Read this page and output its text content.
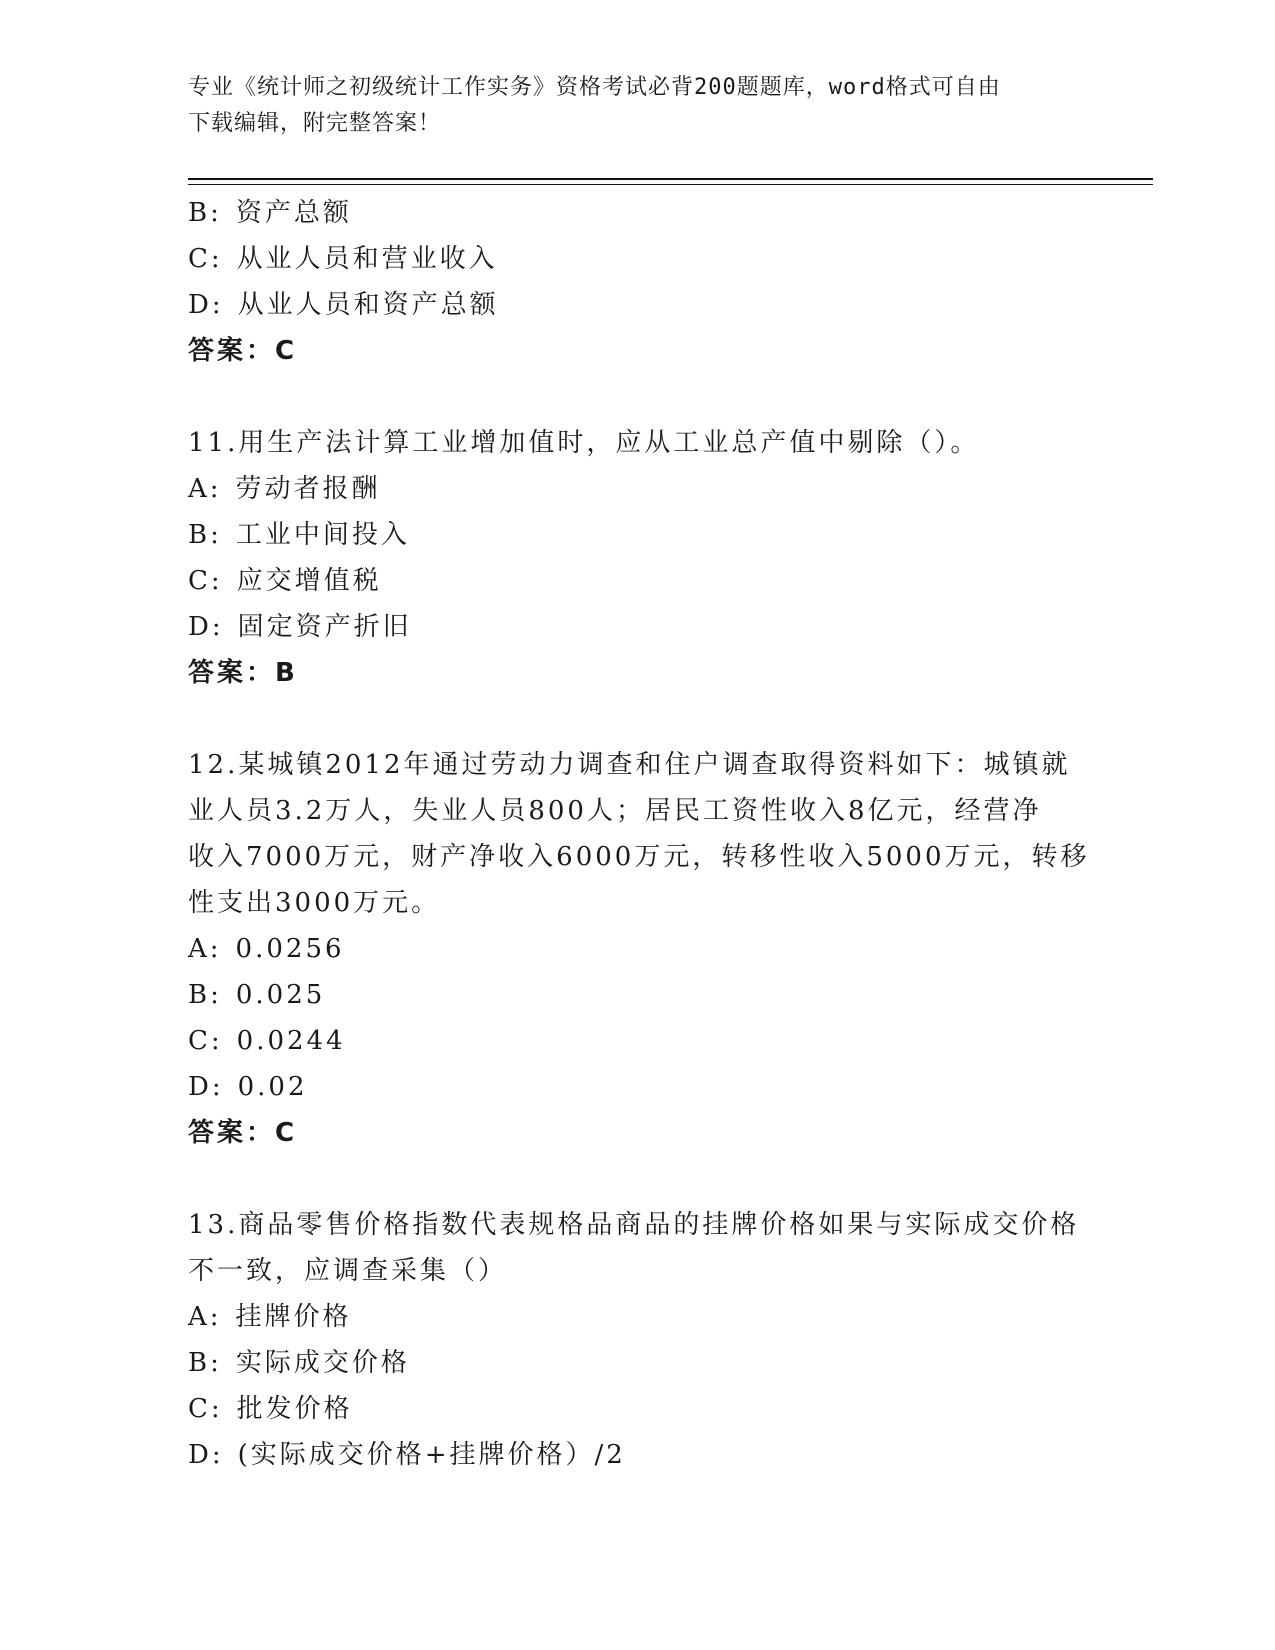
专业《统计师之初级统计工作实务》资格考试必背200题题库，word格式可自由
下载编辑，附完整答案！
B: 资产总额
C: 从业人员和营业收入
D: 从业人员和资产总额
答案：C
11.用生产法计算工业增加值时，应从工业总产值中剔除（）。
A: 劳动者报酬
B: 工业中间投入
C: 应交增值税
D: 固定资产折旧
答案：B
12.某城镇2012年通过劳动力调查和住户调查取得资料如下：城镇就
业人员3.2万人，失业人员800人；居民工资性收入8亿元，经营净
收入7000万元，财产净收入6000万元，转移性收入5000万元，转移
性支出3000万元。
A: 0.0256
B: 0.025
C: 0.0244
D: 0.02
答案：C
13.商品零售价格指数代表规格品商品的挂牌价格如果与实际成交价格
不一致，应调查采集（）
A: 挂牌价格
B: 实际成交价格
C: 批发价格
D: (实际成交价格+挂牌价格）/2
